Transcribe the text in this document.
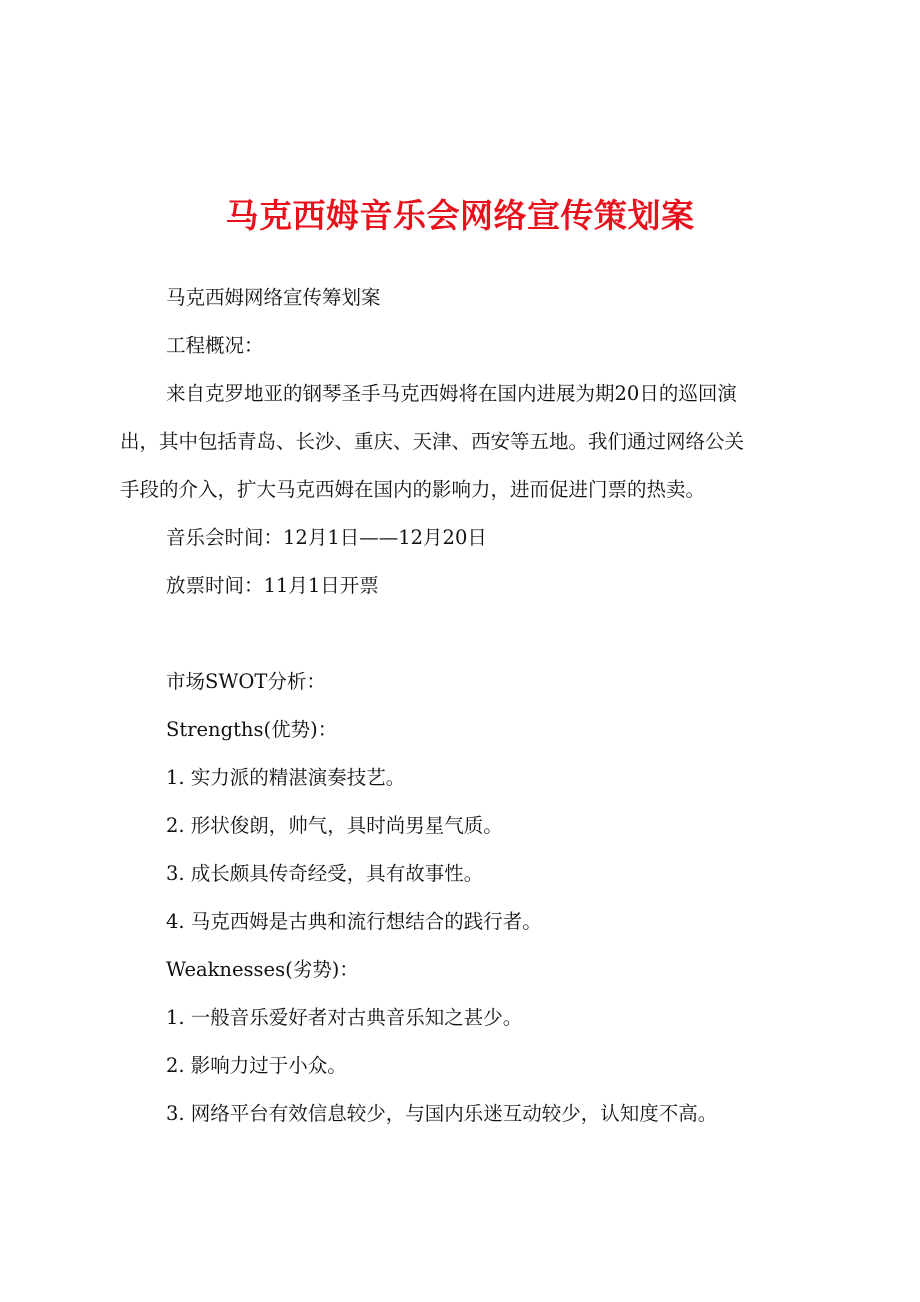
马克西姆音乐会网络宣传策划案
马克西姆网络宣传筹划案
工程概况：
来自克罗地亚的钢琴圣手马克西姆将在国内进展为期20日的巡回演
出，其中包括青岛、长沙、重庆、天津、西安等五地。我们通过网络公关
手段的介入，扩大马克西姆在国内的影响力，进而促进门票的热卖。
音乐会时间：12月1日——12月20日
放票时间：11月1日开票
市场SWOT分析：
Strengths(优势)：
1. 实力派的精湛演奏技艺。
2. 形状俊朗，帅气，具时尚男星气质。
3. 成长颇具传奇经受，具有故事性。
4. 马克西姆是古典和流行想结合的践行者。
Weaknesses(劣势)：
1. 一般音乐爱好者对古典音乐知之甚少。
2. 影响力过于小众。
3. 网络平台有效信息较少，与国内乐迷互动较少，认知度不高。
